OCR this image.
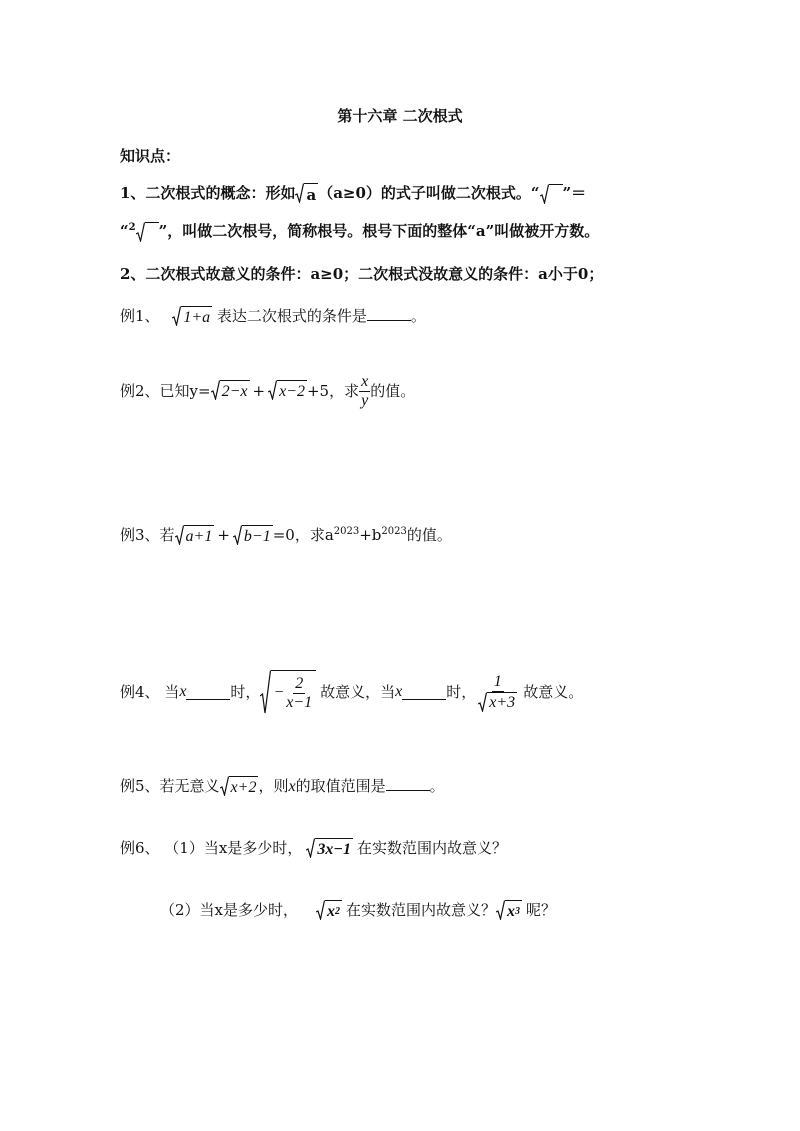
第十六章 二次根式
知识点：
1、二次根式的概念：形如 a （a≥0）的式子叫做二次根式。“ ”＝
“$^2$ ”，叫做二次根号，简称根号。根号下面的整体“a”叫做被开方数。
2、二次根式故意义的条件：a≥0；二次根式没故意义的条件：a小于0；
例1、 1+a 表达二次根式的条件是	。
例2、已知y= 2−x + x−2 +5，求 $\frac{x}{y}$ 的值。
例3、若 a+1 + b−1 =0，求$a^{2023}+b^{2023}$的值。
例4、 当 x	时， − $\frac{2}{x-1}$ 故意义，当 x	时， $\frac{1}{x+3}$ 故意义。
例5、若无意义 x+2 ，则x的取值范围是	。
例6、 （1）当x是多少时， 3x−1 在实数范围内故意义？
（2）当x是多少时， x 2 在实数范围内故意义？ x 3 呢？
